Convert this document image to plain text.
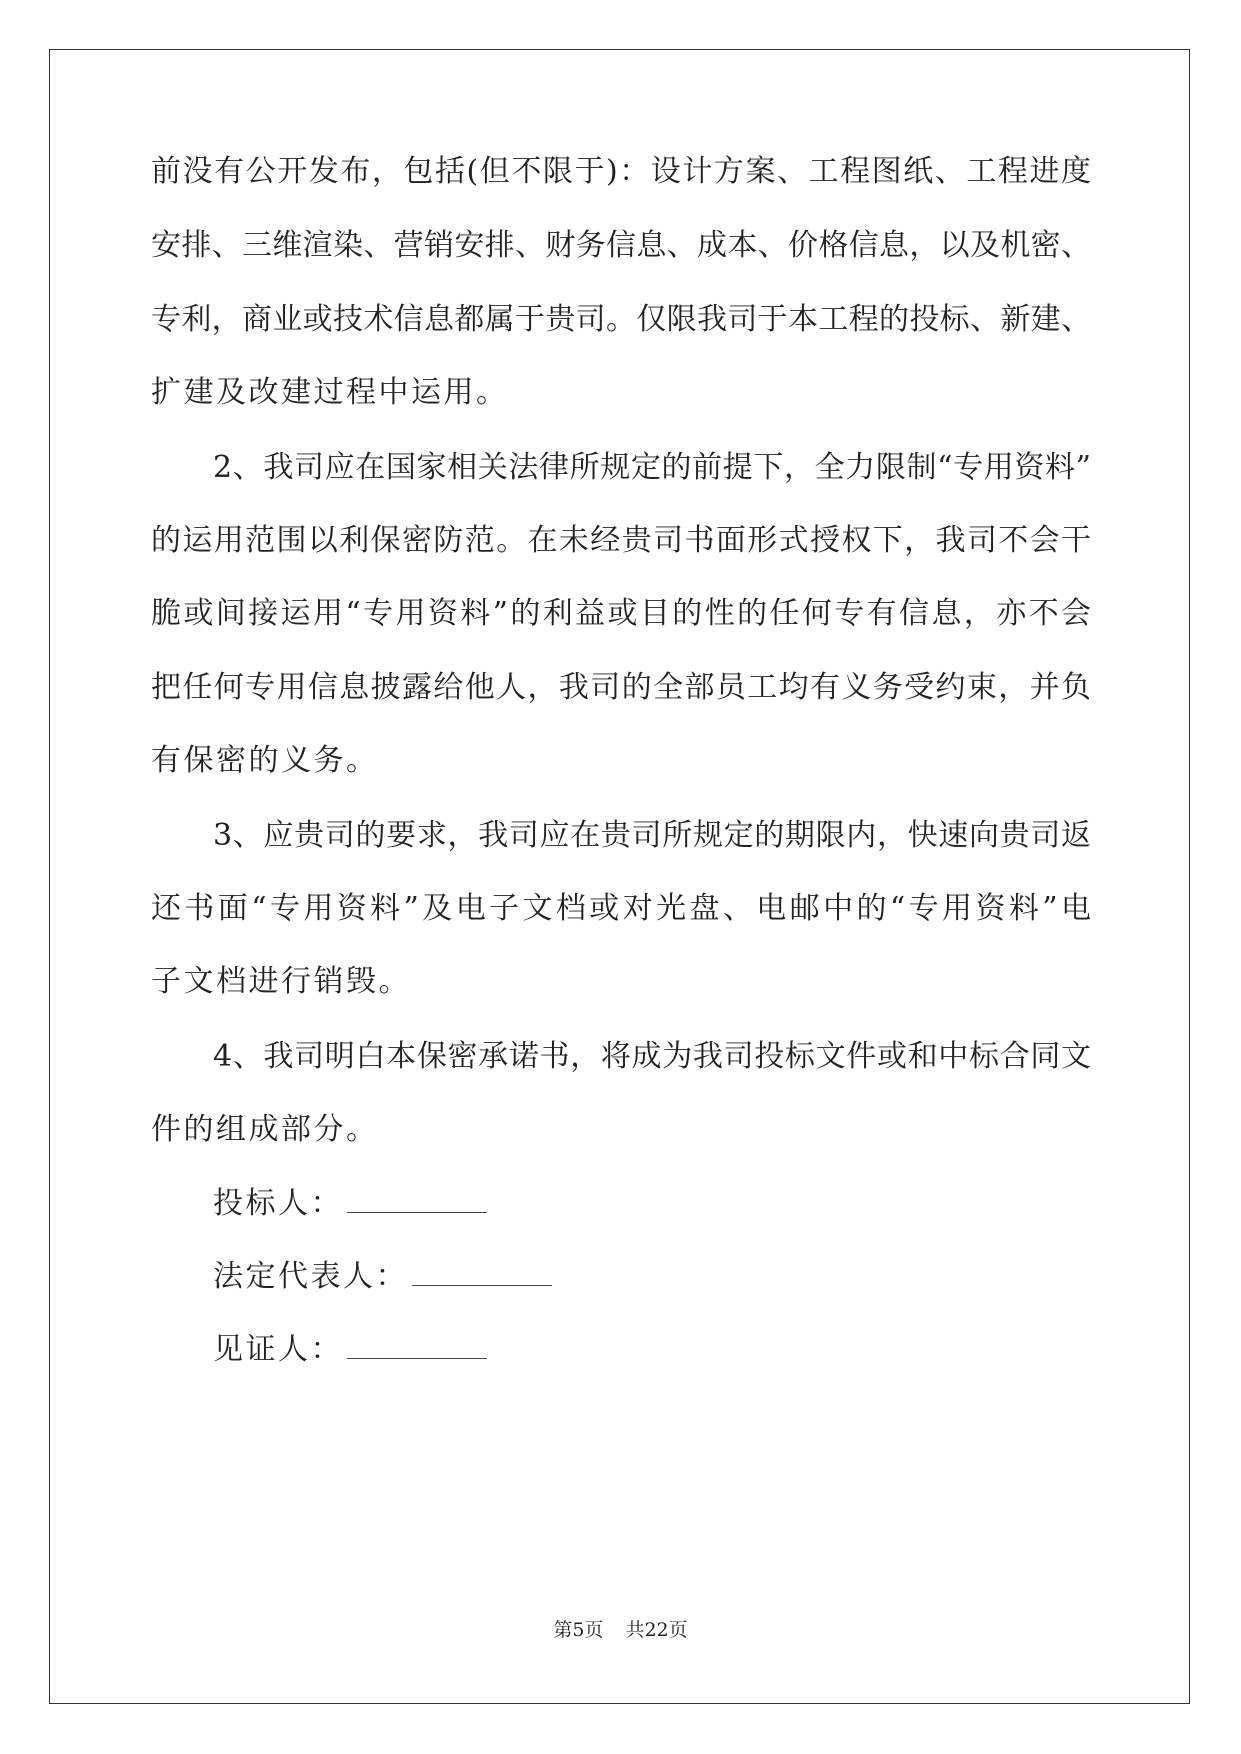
前没有公开发布，包括(但不限于)：设计方案、工程图纸、工程进度
安排、三维渲染、营销安排、财务信息、成本、价格信息，以及机密、
专利，商业或技术信息都属于贵司。仅限我司于本工程的投标、新建、
扩建及改建过程中运用。
2、我司应在国家相关法律所规定的前提下，全力限制“专用资料”
的运用范围以利保密防范。在未经贵司书面形式授权下，我司不会干
脆或间接运用“专用资料”的利益或目的性的任何专有信息，亦不会
把任何专用信息披露给他人，我司的全部员工均有义务受约束，并负
有保密的义务。
3、应贵司的要求，我司应在贵司所规定的期限内，快速向贵司返
还书面“专用资料”及电子文档或对光盘、电邮中的“专用资料”电
子文档进行销毁。
4、我司明白本保密承诺书，将成为我司投标文件或和中标合同文
件的组成部分。
投标人：
法定代表人：
见证人：
第5页 共22页
